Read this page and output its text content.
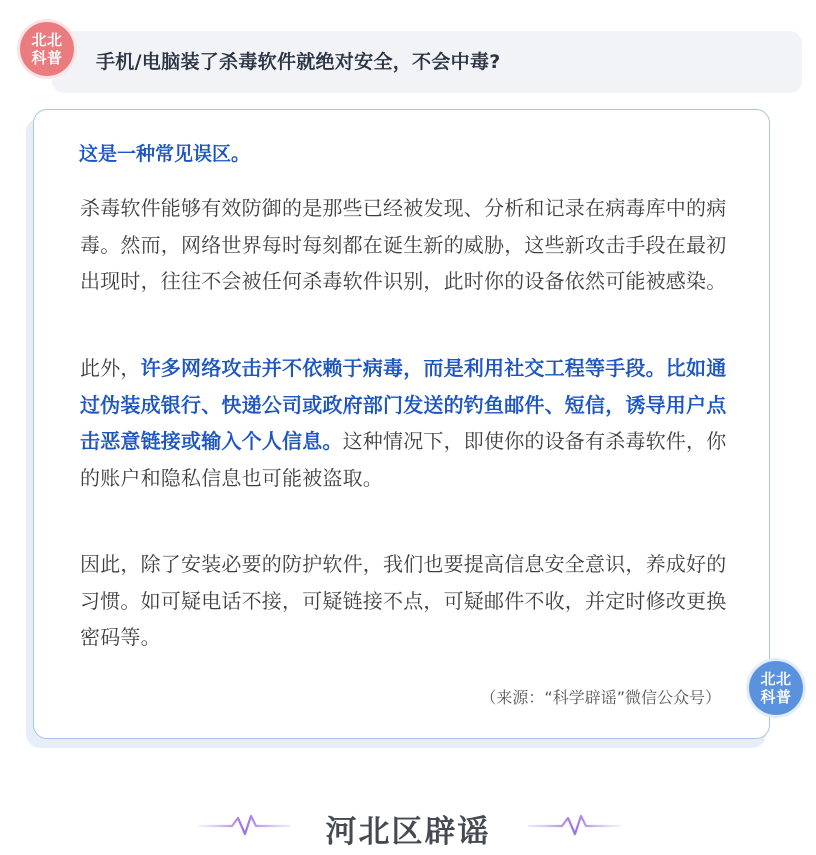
手机/电脑装了杀毒软件就绝对安全，不会中毒?
北北
科普
这是一种常见误区。

杀毒软件能够有效防御的是那些已经被发现、分析和记录在病毒库中的病毒。然而，网络世界每时每刻都在诞生新的威胁，这些新攻击手段在最初出现时，往往不会被任何杀毒软件识别，此时你的设备依然可能被感染。

此外，许多网络攻击并不依赖于病毒，而是利用社交工程等手段。比如通过伪装成银行、快递公司或政府部门发送的钓鱼邮件、短信，诱导用户点击恶意链接或输入个人信息。这种情况下，即使你的设备有杀毒软件，你的账户和隐私信息也可能被盗取。

因此，除了安装必要的防护软件，我们也要提高信息安全意识，养成好的习惯。如可疑电话不接，可疑链接不点，可疑邮件不收，并定时修改更换密码等。

（来源：“科学辟谣”微信公众号）
北北
科普
河北区辟谣
